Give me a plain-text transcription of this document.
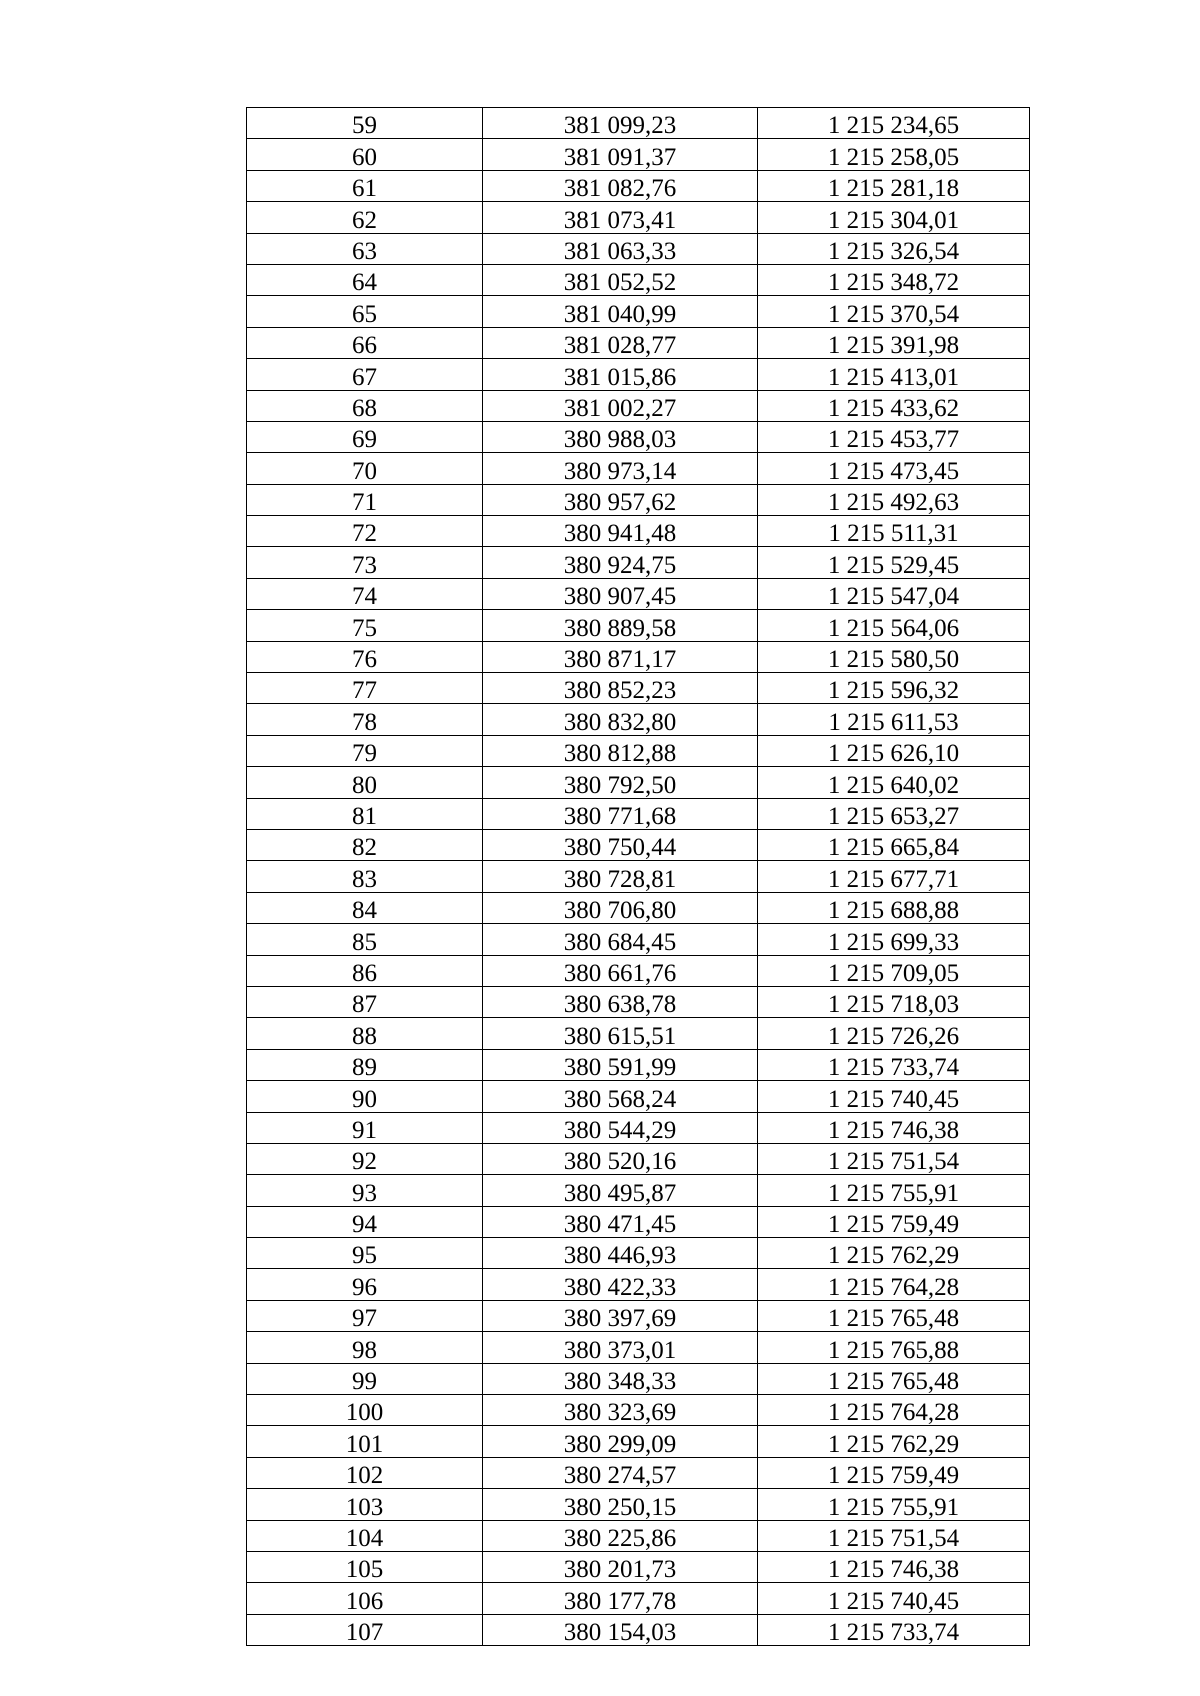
59	381 099,23	1 215 234,65
60	381 091,37	1 215 258,05
61	381 082,76	1 215 281,18
62	381 073,41	1 215 304,01
63	381 063,33	1 215 326,54
64	381 052,52	1 215 348,72
65	381 040,99	1 215 370,54
66	381 028,77	1 215 391,98
67	381 015,86	1 215 413,01
68	381 002,27	1 215 433,62
69	380 988,03	1 215 453,77
70	380 973,14	1 215 473,45
71	380 957,62	1 215 492,63
72	380 941,48	1 215 511,31
73	380 924,75	1 215 529,45
74	380 907,45	1 215 547,04
75	380 889,58	1 215 564,06
76	380 871,17	1 215 580,50
77	380 852,23	1 215 596,32
78	380 832,80	1 215 611,53
79	380 812,88	1 215 626,10
80	380 792,50	1 215 640,02
81	380 771,68	1 215 653,27
82	380 750,44	1 215 665,84
83	380 728,81	1 215 677,71
84	380 706,80	1 215 688,88
85	380 684,45	1 215 699,33
86	380 661,76	1 215 709,05
87	380 638,78	1 215 718,03
88	380 615,51	1 215 726,26
89	380 591,99	1 215 733,74
90	380 568,24	1 215 740,45
91	380 544,29	1 215 746,38
92	380 520,16	1 215 751,54
93	380 495,87	1 215 755,91
94	380 471,45	1 215 759,49
95	380 446,93	1 215 762,29
96	380 422,33	1 215 764,28
97	380 397,69	1 215 765,48
98	380 373,01	1 215 765,88
99	380 348,33	1 215 765,48
100	380 323,69	1 215 764,28
101	380 299,09	1 215 762,29
102	380 274,57	1 215 759,49
103	380 250,15	1 215 755,91
104	380 225,86	1 215 751,54
105	380 201,73	1 215 746,38
106	380 177,78	1 215 740,45
107	380 154,03	1 215 733,74
